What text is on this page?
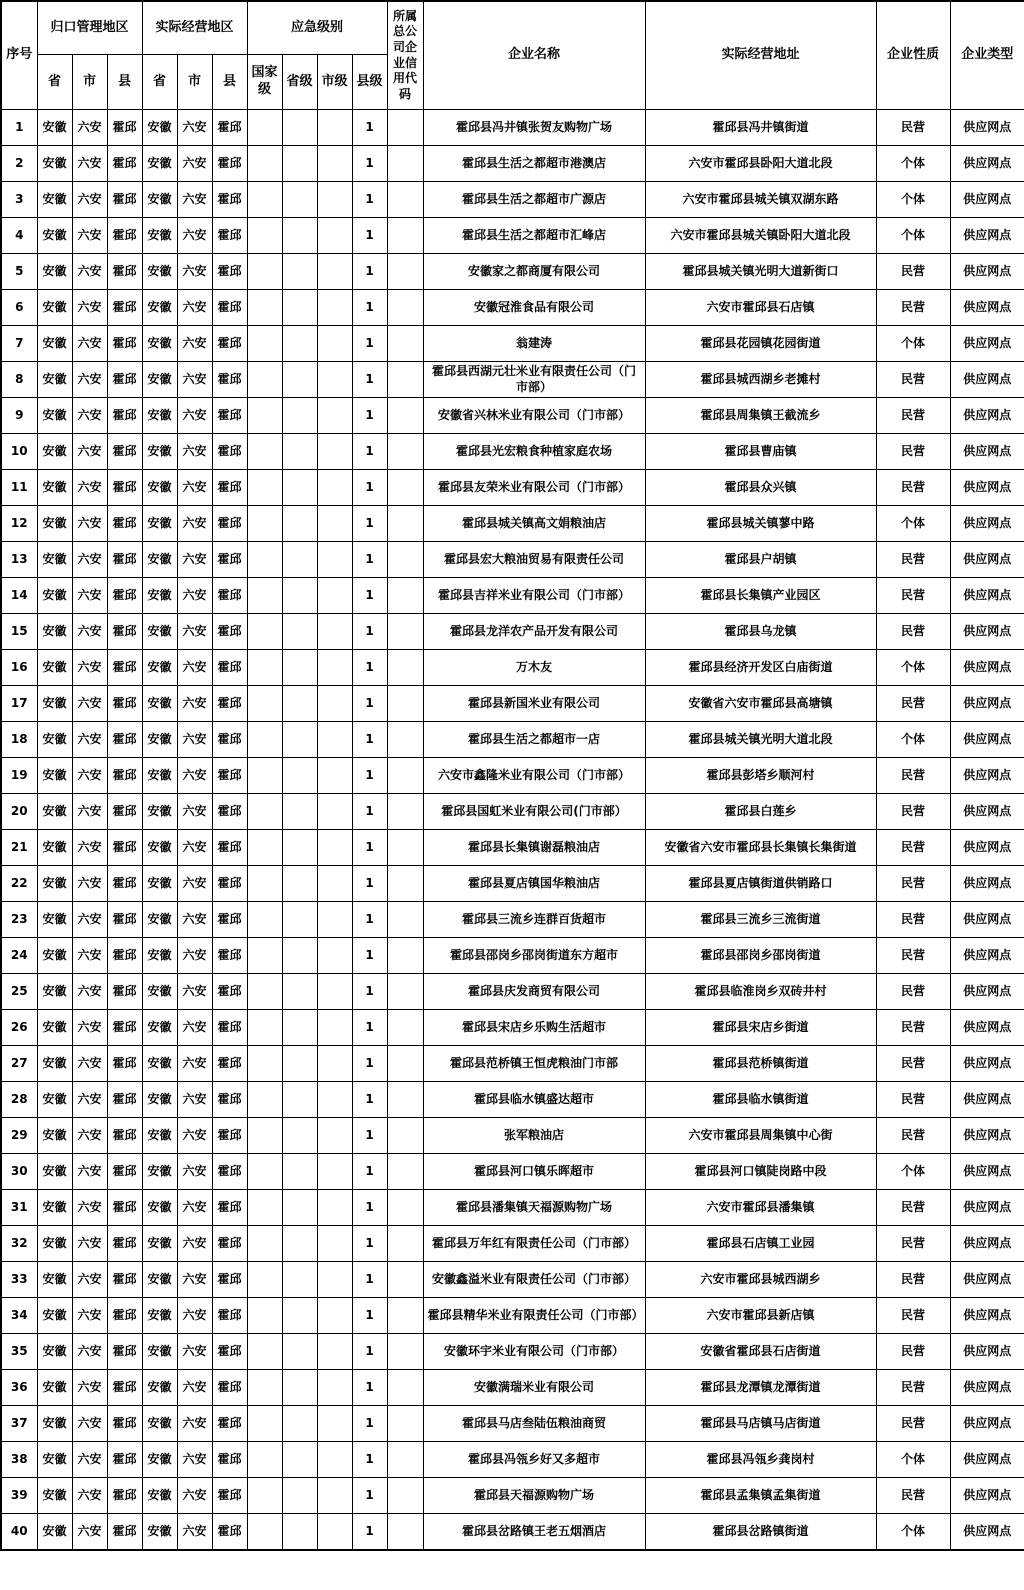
序号	归口管理地区			实际经营地区			应急级别				所属总公司企业信用代码	企业名称	实际经营地址	企业性质	企业类型
	省	市	县	省	市	县	国家级	省级	市级	县级					
1	安徽	六安	霍邱	安徽	六安	霍邱				1		霍邱县冯井镇张贺友购物广场	霍邱县冯井镇街道	民营	供应网点
2	安徽	六安	霍邱	安徽	六安	霍邱				1		霍邱县生活之都超市港澳店	六安市霍邱县卧阳大道北段	个体	供应网点
3	安徽	六安	霍邱	安徽	六安	霍邱				1		霍邱县生活之都超市广源店	六安市霍邱县城关镇双湖东路	个体	供应网点
4	安徽	六安	霍邱	安徽	六安	霍邱				1		霍邱县生活之都超市汇峰店	六安市霍邱县城关镇卧阳大道北段	个体	供应网点
5	安徽	六安	霍邱	安徽	六安	霍邱				1		安徽家之都商厦有限公司	霍邱县城关镇光明大道新街口	民营	供应网点
6	安徽	六安	霍邱	安徽	六安	霍邱				1		安徽冠淮食品有限公司	六安市霍邱县石店镇	民营	供应网点
7	安徽	六安	霍邱	安徽	六安	霍邱				1		翁建涛	霍邱县花园镇花园街道	个体	供应网点
8	安徽	六安	霍邱	安徽	六安	霍邱				1		霍邱县西湖元壮米业有限责任公司（门市部）	霍邱县城西湖乡老摊村	民营	供应网点
9	安徽	六安	霍邱	安徽	六安	霍邱				1		安徽省兴林米业有限公司（门市部）	霍邱县周集镇王截流乡	民营	供应网点
10	安徽	六安	霍邱	安徽	六安	霍邱				1		霍邱县光宏粮食种植家庭农场	霍邱县曹庙镇	民营	供应网点
11	安徽	六安	霍邱	安徽	六安	霍邱				1		霍邱县友荣米业有限公司（门市部）	霍邱县众兴镇	民营	供应网点
12	安徽	六安	霍邱	安徽	六安	霍邱				1		霍邱县城关镇高文娟粮油店	霍邱县城关镇蓼中路	个体	供应网点
13	安徽	六安	霍邱	安徽	六安	霍邱				1		霍邱县宏大粮油贸易有限责任公司	霍邱县户胡镇	民营	供应网点
14	安徽	六安	霍邱	安徽	六安	霍邱				1		霍邱县吉祥米业有限公司（门市部）	霍邱县长集镇产业园区	民营	供应网点
15	安徽	六安	霍邱	安徽	六安	霍邱				1		霍邱县龙洋农产品开发有限公司	霍邱县乌龙镇	民营	供应网点
16	安徽	六安	霍邱	安徽	六安	霍邱				1		万木友	霍邱县经济开发区白庙街道	个体	供应网点
17	安徽	六安	霍邱	安徽	六安	霍邱				1		霍邱县新国米业有限公司	安徽省六安市霍邱县高塘镇	民营	供应网点
18	安徽	六安	霍邱	安徽	六安	霍邱				1		霍邱县生活之都超市一店	霍邱县城关镇光明大道北段	个体	供应网点
19	安徽	六安	霍邱	安徽	六安	霍邱				1		六安市鑫隆米业有限公司（门市部）	霍邱县彭塔乡顺河村	民营	供应网点
20	安徽	六安	霍邱	安徽	六安	霍邱				1		霍邱县国虹米业有限公司(门市部）	霍邱县白莲乡	民营	供应网点
21	安徽	六安	霍邱	安徽	六安	霍邱				1		霍邱县长集镇谢磊粮油店	安徽省六安市霍邱县长集镇长集街道	民营	供应网点
22	安徽	六安	霍邱	安徽	六安	霍邱				1		霍邱县夏店镇国华粮油店	霍邱县夏店镇街道供销路口	民营	供应网点
23	安徽	六安	霍邱	安徽	六安	霍邱				1		霍邱县三流乡连群百货超市	霍邱县三流乡三流街道	民营	供应网点
24	安徽	六安	霍邱	安徽	六安	霍邱				1		霍邱县邵岗乡邵岗街道东方超市	霍邱县邵岗乡邵岗街道	民营	供应网点
25	安徽	六安	霍邱	安徽	六安	霍邱				1		霍邱县庆发商贸有限公司	霍邱县临淮岗乡双砖井村	民营	供应网点
26	安徽	六安	霍邱	安徽	六安	霍邱				1		霍邱县宋店乡乐购生活超市	霍邱县宋店乡街道	民营	供应网点
27	安徽	六安	霍邱	安徽	六安	霍邱				1		霍邱县范桥镇王恒虎粮油门市部	霍邱县范桥镇街道	民营	供应网点
28	安徽	六安	霍邱	安徽	六安	霍邱				1		霍邱县临水镇盛达超市	霍邱县临水镇街道	民营	供应网点
29	安徽	六安	霍邱	安徽	六安	霍邱				1		张军粮油店	六安市霍邱县周集镇中心街	民营	供应网点
30	安徽	六安	霍邱	安徽	六安	霍邱				1		霍邱县河口镇乐晖超市	霍邱县河口镇陡岗路中段	个体	供应网点
31	安徽	六安	霍邱	安徽	六安	霍邱				1		霍邱县潘集镇天福源购物广场	六安市霍邱县潘集镇	民营	供应网点
32	安徽	六安	霍邱	安徽	六安	霍邱				1		霍邱县万年红有限责任公司（门市部）	霍邱县石店镇工业园	民营	供应网点
33	安徽	六安	霍邱	安徽	六安	霍邱				1		安徽鑫溢米业有限责任公司（门市部）	六安市霍邱县城西湖乡	民营	供应网点
34	安徽	六安	霍邱	安徽	六安	霍邱				1		霍邱县精华米业有限责任公司（门市部）	六安市霍邱县新店镇	民营	供应网点
35	安徽	六安	霍邱	安徽	六安	霍邱				1		安徽环宇米业有限公司（门市部）	安徽省霍邱县石店街道	民营	供应网点
36	安徽	六安	霍邱	安徽	六安	霍邱				1		安徽满瑞米业有限公司	霍邱县龙潭镇龙潭街道	民营	供应网点
37	安徽	六安	霍邱	安徽	六安	霍邱				1		霍邱县马店叁陆伍粮油商贸	霍邱县马店镇马店街道	民营	供应网点
38	安徽	六安	霍邱	安徽	六安	霍邱				1		霍邱县冯瓴乡好又多超市	霍邱县冯瓴乡龚岗村	个体	供应网点
39	安徽	六安	霍邱	安徽	六安	霍邱				1		霍邱县天福源购物广场	霍邱县孟集镇孟集街道	民营	供应网点
40	安徽	六安	霍邱	安徽	六安	霍邱				1		霍邱县岔路镇王老五烟酒店	霍邱县岔路镇街道	个体	供应网点
